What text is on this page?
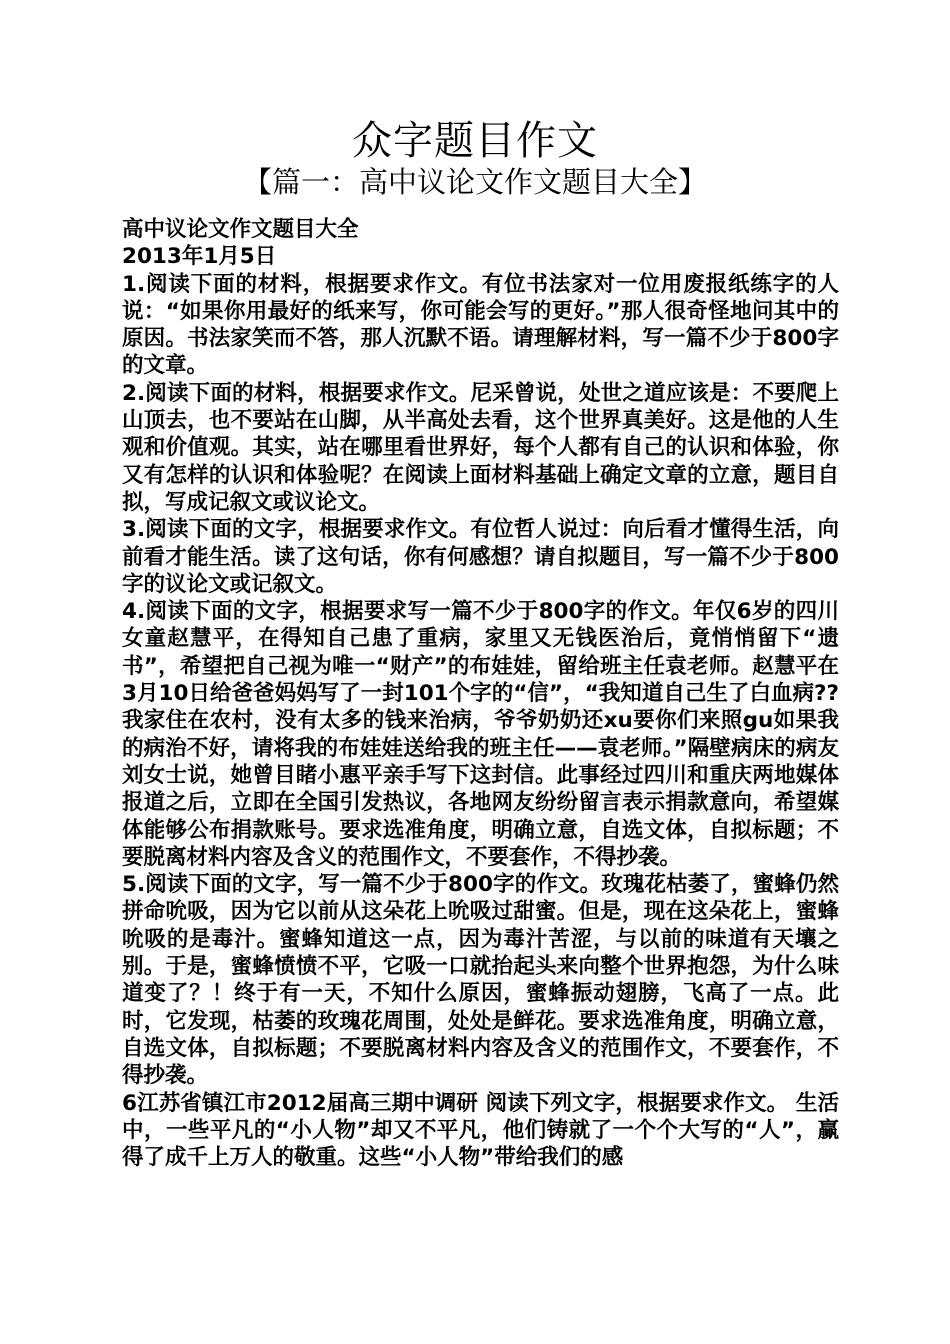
众字题目作文
【篇一：高中议论文作文题目大全】

高中议论文作文题目大全

2013年1月5日

1.阅读下面的材料，根据要求作文。有位书法家对一位用废报纸练字的人说：“如果你用最好的纸来写，你可能会写的更好。”那人很奇怪地问其中的原因。书法家笑而不答，那人沉默不语。请理解材料，写一篇不少于800字的文章。

2.阅读下面的材料，根据要求作文。尼采曾说，处世之道应该是：不要爬上山顶去，也不要站在山脚，从半高处去看，这个世界真美好。这是他的人生观和价值观。其实，站在哪里看世界好，每个人都有自己的认识和体验，你又有怎样的认识和体验呢？在阅读上面材料基础上确定文章的立意，题目自拟，写成记叙文或议论文。

3.阅读下面的文字，根据要求作文。有位哲人说过：向后看才懂得生活，向前看才能生活。读了这句话，你有何感想？请自拟题目，写一篇不少于800字的议论文或记叙文。

4.阅读下面的文字，根据要求写一篇不少于800字的作文。年仅6岁的四川女童赵慧平，在得知自己患了重病，家里又无钱医治后，竟悄悄留下“遗书”，希望把自己视为唯一“财产”的布娃娃，留给班主任袁老师。赵慧平在3月10日给爸爸妈妈写了一封101个字的“信”，“我知道自己生了白血病??我家住在农村，没有太多的钱来治病，爷爷奶奶还xu要你们来照gu如果我的病治不好，请将我的布娃娃送给我的班主任——袁老师。”隔壁病床的病友刘女士说，她曾目睹小惠平亲手写下这封信。此事经过四川和重庆两地媒体报道之后，立即在全国引发热议，各地网友纷纷留言表示捐款意向，希望媒体能够公布捐款账号。要求选准角度，明确立意，自选文体，自拟标题；不要脱离材料内容及含义的范围作文，不要套作，不得抄袭。

5.阅读下面的文字，写一篇不少于800字的作文。玫瑰花枯萎了，蜜蜂仍然拼命吮吸，因为它以前从这朵花上吮吸过甜蜜。但是，现在这朵花上，蜜蜂吮吸的是毒汁。蜜蜂知道这一点，因为毒汁苦涩，与以前的味道有天壤之别。于是，蜜蜂愤愤不平，它吸一口就抬起头来向整个世界抱怨，为什么味道变了？！终于有一天，不知什么原因，蜜蜂振动翅膀，飞高了一点。此时，它发现，枯萎的玫瑰花周围，处处是鲜花。要求选准角度，明确立意，自选文体，自拟标题；不要脱离材料内容及含义的范围作文，不要套作，不得抄袭。

6江苏省镇江市2012届高三期中调研 阅读下列文字，根据要求作文。 生活中，一些平凡的“小人物”却又不平凡，他们铸就了一个个大写的“人”，赢得了成千上万人的敬重。这些“小人物”带给我们的感
